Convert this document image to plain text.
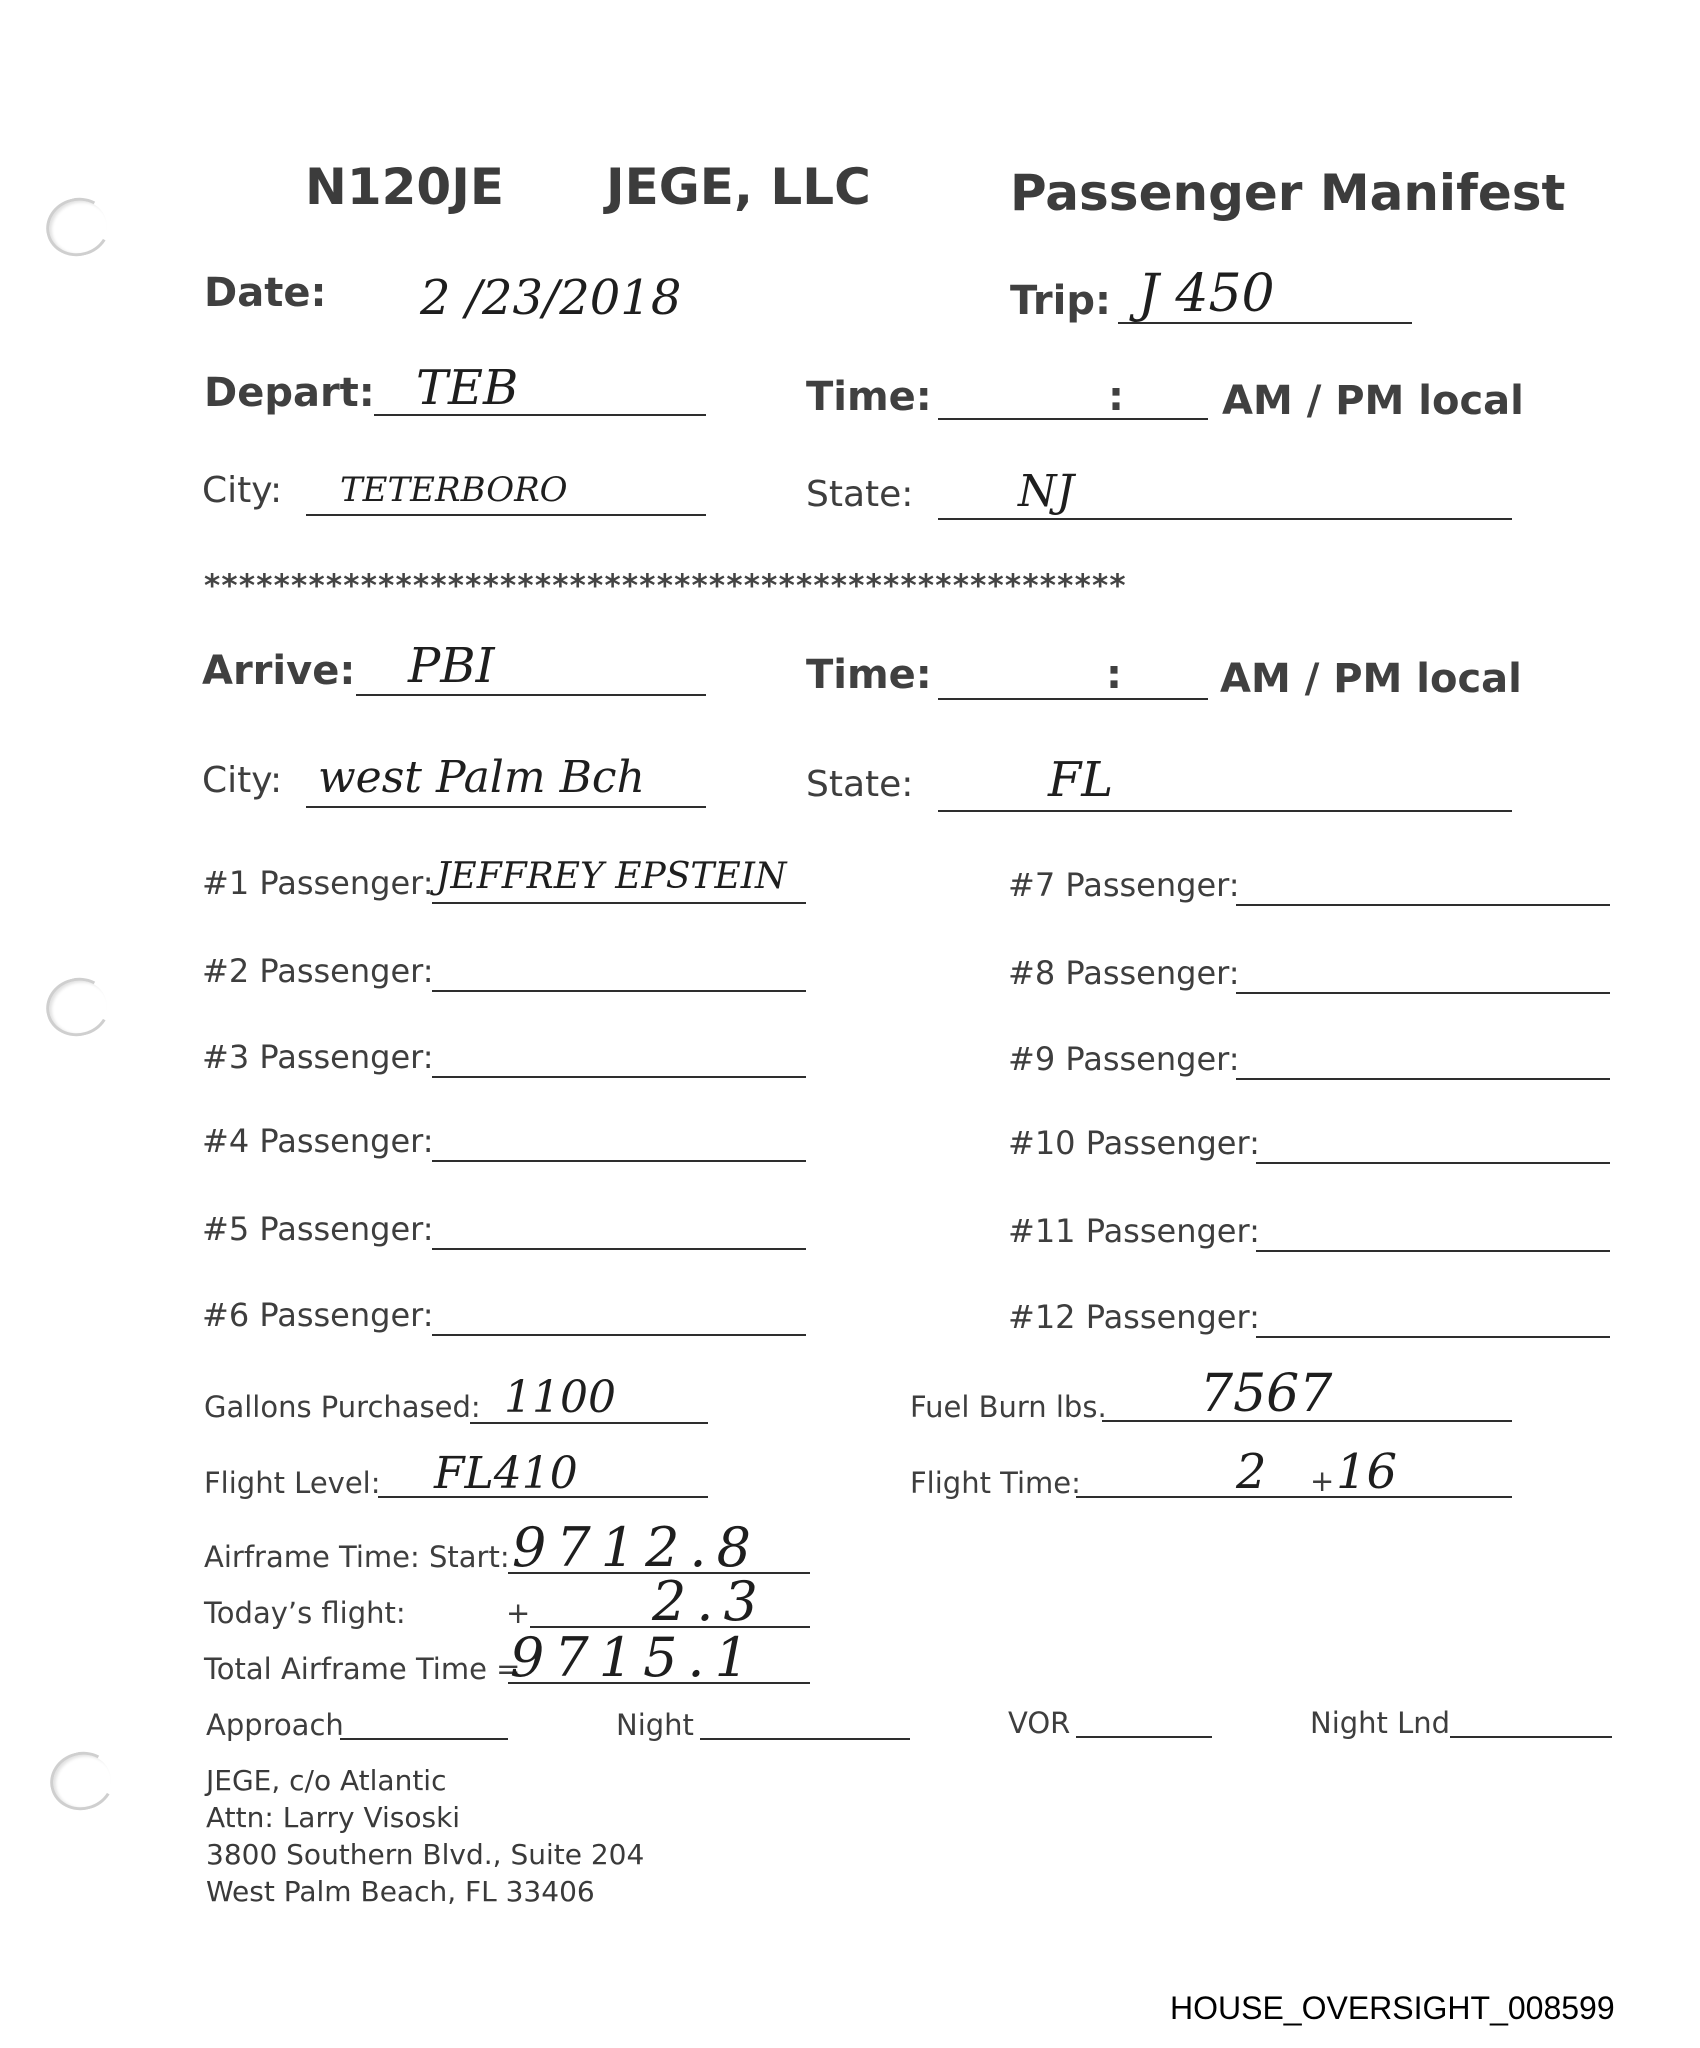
N120JE JEGE, LLC	Passenger Manifest
Date: 2 /23/2018	Trip: J 450
Depart: TEB	Time:	: AM / PM local
City: TETERBORO	State: NJ
*****************************************************
Arrive: PBI	Time:	: AM / PM local
City: west Palm Bch	State:	FL
#1 Passenger: JEFFREY EPSTEIN
#2 Passenger:
#3 Passenger:
#4 Passenger:
#5 Passenger:
#6 Passenger:
#7 Passenger:
#8 Passenger:
#9 Passenger:
#10 Passenger:
#11 Passenger:
#12 Passenger:
Gallons Purchased: 1100	Fuel Burn lbs. 7567
Flight Level: FL410	Flight Time:	2 + 16
Airframe Time: Start: 9712.8
Today’s flight:	+ 2.3
Total Airframe Time =
9715.1
Approach	Night	VOR	Night Lnd
JEGE, c/o Atlantic
Attn: Larry Visoski
3800 Southern Blvd., Suite 204
West Palm Beach, FL 33406
HOUSE_OVERSIGHT_008599
